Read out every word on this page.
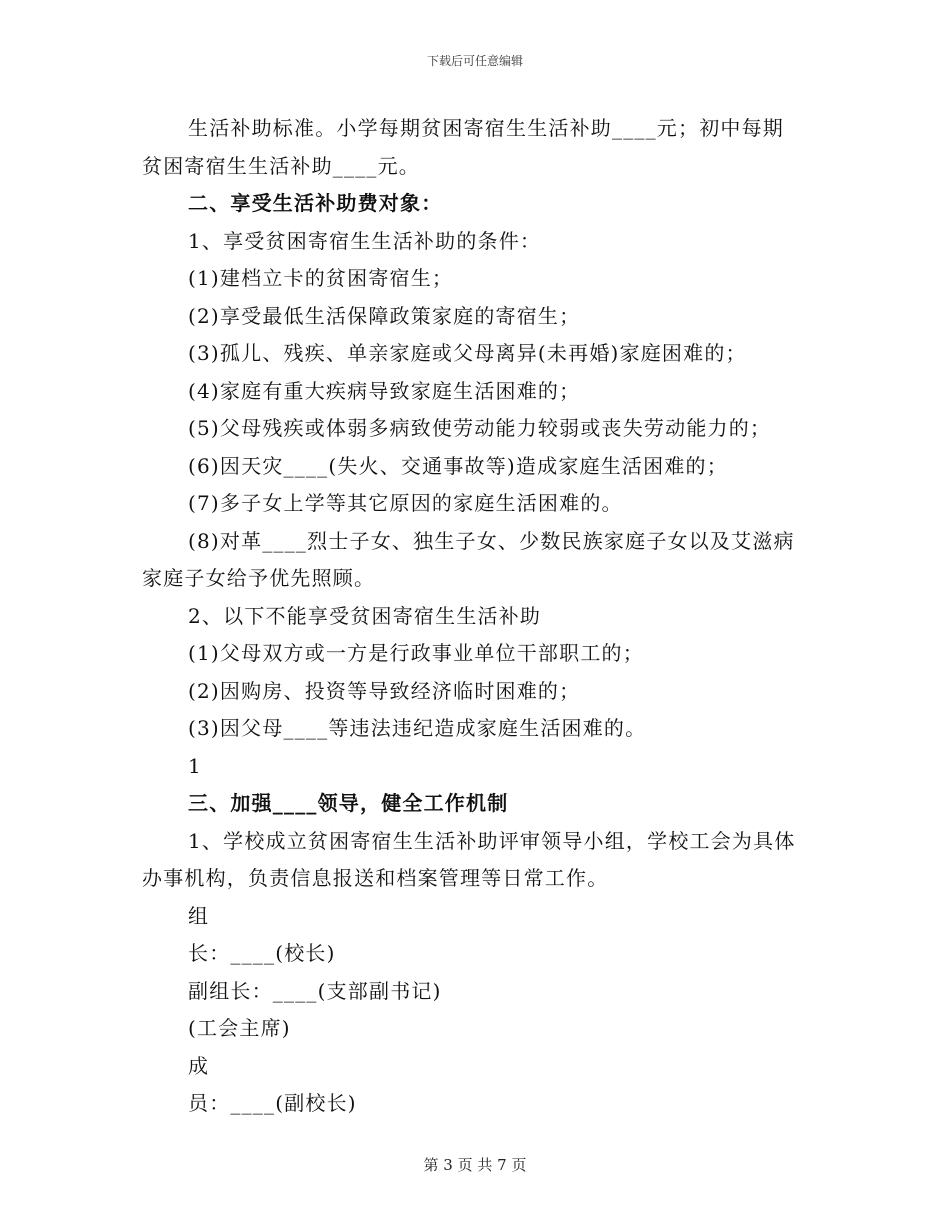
下载后可任意编辑
生活补助标准。小学每期贫困寄宿生生活补助____元；初中每期
贫困寄宿生生活补助____元。
二、享受生活补助费对象：
1、享受贫困寄宿生生活补助的条件：
(1)建档立卡的贫困寄宿生；
(2)享受最低生活保障政策家庭的寄宿生；
(3)孤儿、残疾、单亲家庭或父母离异(未再婚)家庭困难的；
(4)家庭有重大疾病导致家庭生活困难的；
(5)父母残疾或体弱多病致使劳动能力较弱或丧失劳动能力的；
(6)因天灾____(失火、交通事故等)造成家庭生活困难的；
(7)多子女上学等其它原因的家庭生活困难的。
(8)对革____烈士子女、独生子女、少数民族家庭子女以及艾滋病
家庭子女给予优先照顾。
2、以下不能享受贫困寄宿生生活补助
(1)父母双方或一方是行政事业单位干部职工的；
(2)因购房、投资等导致经济临时困难的；
(3)因父母____等违法违纪造成家庭生活困难的。
1
三、加强____领导，健全工作机制
1、学校成立贫困寄宿生生活补助评审领导小组，学校工会为具体
办事机构，负责信息报送和档案管理等日常工作。
组
长：____(校长)
副组长：____(支部副书记)
(工会主席)
成
员：____(副校长)
第 3 页 共 7 页
